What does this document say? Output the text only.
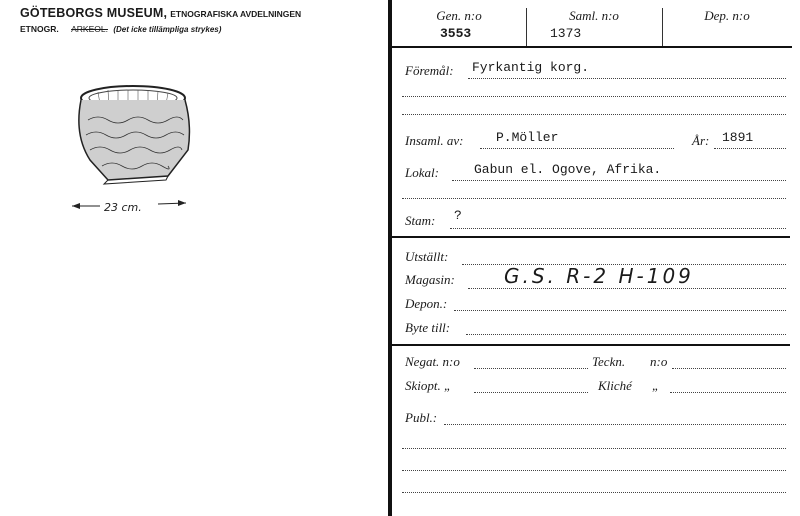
GÖTEBORGS MUSEUM, ETNOGRAFISKA AVDELNINGEN
ETNOGR. ARKEOL. (Det icke tillämpliga strykes)
23 cm.
Gen. n:o
3553
Saml. n:o
1373
Dep. n:o
Föremål: Fyrkantig korg.
Insaml. av:	P.Möller	År: 1891
Lokal:	Gabun el. Ogove, Afrika.
Stam: ?
Utställt:
Magasin: G.S. R-2 H-109
Depon.:
Byte till:
Negat. n:o	Teckn. n:o
Skiopt. „	Kliché „
Publ.:
